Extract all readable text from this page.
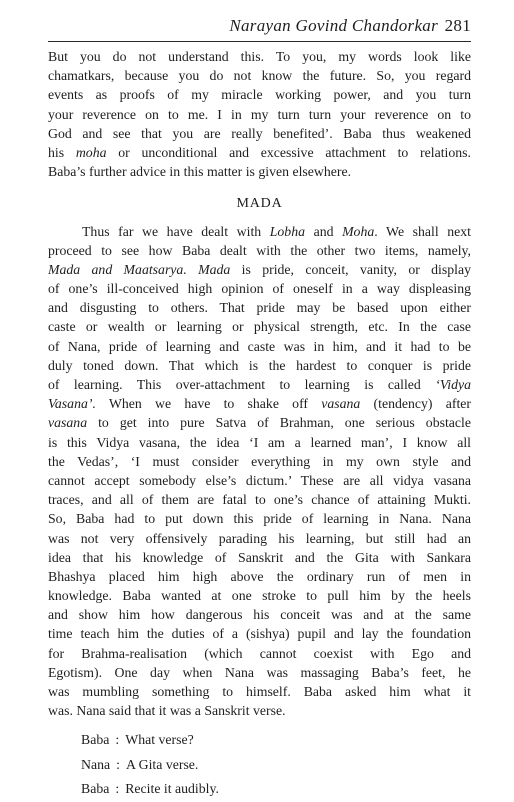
Narayan Govind Chandorkar 281
But you do not understand this. To you, my words look like
chamatkars, because you do not know the future. So, you regard
events as proofs of my miracle working power, and you turn
your reverence on to me. I in my turn turn your reverence on to
God and see that you are really benefited’. Baba thus weakened
his moha or unconditional and excessive attachment to relations.
Baba’s further advice in this matter is given elsewhere.
MADA
Thus far we have dealt with Lobha and Moha. We shall next
proceed to see how Baba dealt with the other two items, namely,
Mada and Maatsarya. Mada is pride, conceit, vanity, or display
of one’s ill-conceived high opinion of oneself in a way displeasing
and disgusting to others. That pride may be based upon either
caste or wealth or learning or physical strength, etc. In the case
of Nana, pride of learning and caste was in him, and it had to be
duly toned down. That which is the hardest to conquer is pride
of learning. This over-attachment to learning is called ‘Vidya
Vasana’. When we have to shake off vasana (tendency) after
vasana to get into pure Satva of Brahman, one serious obstacle
is this Vidya vasana, the idea ‘I am a learned man’, I know all
the Vedas’, ‘I must consider everything in my own style and
cannot accept somebody else’s dictum.’ These are all vidya vasana
traces, and all of them are fatal to one’s chance of attaining Mukti.
So, Baba had to put down this pride of learning in Nana. Nana
was not very offensively parading his learning, but still had an
idea that his knowledge of Sanskrit and the Gita with Sankara
Bhashya placed him high above the ordinary run of men in
knowledge. Baba wanted at one stroke to pull him by the heels
and show him how dangerous his conceit was and at the same
time teach him the duties of a (sishya) pupil and lay the foundation
for Brahma-realisation (which cannot coexist with Ego and
Egotism). One day when Nana was massaging Baba’s feet, he
was mumbling something to himself. Baba asked him what it
was. Nana said that it was a Sanskrit verse.
Baba : What verse?
Nana : A Gita verse.
Baba : Recite it audibly.
